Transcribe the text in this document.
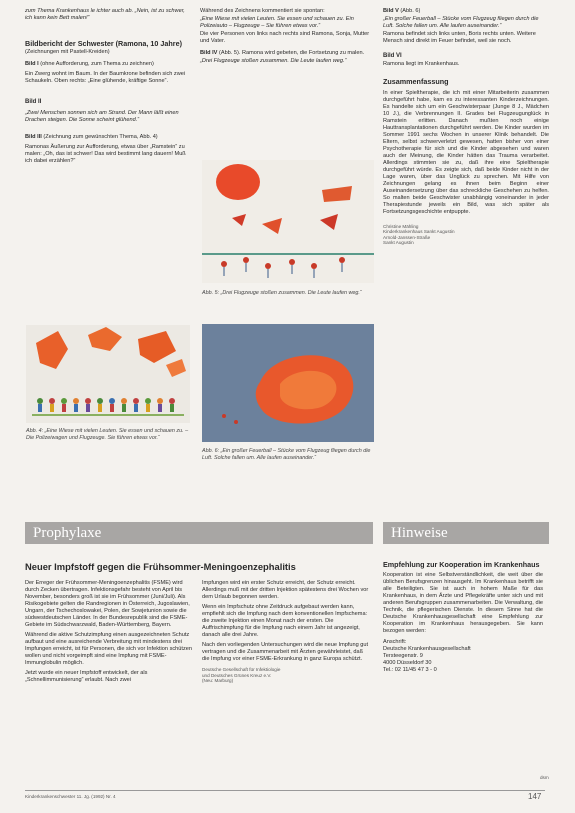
zum Thema Krankenhaus le ichter auch ab. „Nein, ist zu schwer, ich kann kein Bett malen!“

Bildbericht der Schwester (Ramona, 10 Jahre)

(Zeichnungen mit Pastell-Kreiden)

Bild I (ohne Aufforderung, zum Thema zu zeichnen)

Ein Zwerg wohnt im Baum. In der Baumkrone befinden sich zwei Schaukeln. Oben rechts: „Eine glühende, kräftige Sonne“.

Bild II

„Zwei Menschen sonnen sich am Strand. Der Mann läßt einen Drachen steigen. Die Sonne scheint glühend.“

Bild III (Zeichnung zum gewünschten Thema, Abb. 4)

Ramonas Äußerung zur Aufforderung, etwas über „Ramstein“ zu malen: „Oh, das ist schwer! Das wird bestimmt lang dauern! Muß ich dabei erzählen?“

Abb. 4: „Eine Wiese mit vielen Leuten. Sie essen und schauen zu. – Die Polizeiwagen und Flugzeuge. Sie führen etwas vor.“

Während des Zeichnens kommentiert sie spontan:

„Eine Wiese mit vielen Leuten. Sie essen und schauen zu. Ein Polizeiauto – Flugzeuge – Sie führen etwas vor.“

Die vier Personen von links nach rechts sind Ramona, Sonja, Mutter und Vater.

Bild IV (Abb. 5). Ramona wird gebeten, die Fortsetzung zu malen.

„Drei Flugzeuge stoßen zusammen. Die Leute laufen weg.“

Abb. 5: „Drei Flugzeuge stoßen zusammen. Die Leute laufen weg.“

Abb. 6: „Ein großer Feuerball – Stücke vom Flugzeug fliegen durch die Luft. Solche fallen um. Alle laufen auseinander.“

Bild V (Abb. 6)

„Ein großer Feuerball – Stücke vom Flugzeug fliegen durch die Luft. Solche fallen um. Alle laufen auseinander.“

Ramona befindet sich links unten, Boris rechts unten. Weitere Mensch sind direkt im Feuer befindet, weil sie noch.

Bild VI

Ramona liegt im Krankenhaus.

Zusammenfassung

In einer Spieltherapie, die ich mit einer Mitarbeiterin zusammen durchgeführt habe, kam es zu interessanten Kinderzeichnungen. Es handelte sich um ein Geschwisterpaar (Junge 8 J., Mädchen 10 J.), die Verbrennungen II. Grades bei Flugzeugunglück in Ramstein erlitten. Danach mußten noch einige Hauttransplantationen durchgeführt werden. Die Kinder wurden im Sommer 1991 sechs Wochen in unserer Klinik behandelt. Die Eltern, selbst schwerverletzt gewesen, hatten bisher von einer Psychotherapie für sich und die Kinder abgesehen und waren auch der Meinung, die Kinder hätten das Trauma verarbeitet. Allerdings stimmten sie zu, daß ihre eine Spieltherapie durchgeführt würde. Es zeigte sich, daß beide Kinder nicht in der Lage waren, über das Unglück zu sprechen. Mit Hilfe von Zeichnungen gelang es ihnen beim Beginn einer Auseinandersetzung über das schreckliche Geschehen zu helfen. So malten beide Geschwister unabhängig voneinander in jeder Therapiestunde jeweils ein Bild, was sich später als Fortsetzungsgeschichte entpuppte.

Christine Mähling
Kinderkrankenhaus Sankt Augustin
Arnold-Janssen-Straße
Sankt Augustin

Prophylaxe	Hinweise

Neuer Impfstoff gegen die Frühsommer-Meningoenzephalitis

Der Erreger der Frühsommer-Meningoenzephalitis (FSME) wird durch Zecken übertragen. Infektionsgefahr besteht von April bis November, besonders groß ist sie im Frühsommer (Juni/Juli). Als Risikogebiete gelten die Randregionen in Österreich, Jugoslawien, Ungarn, der Tschechoslowakei, Polen, der Sowjetunion sowie die südwestdeutschen Länder. In der Bundesrepublik sind die FSME-Gebiete im Südschwarzwald, Baden-Württemberg, Bayern.

Während die aktive Schutzimpfung einen ausgezeichneten Schutz aufbaut und eine ausreichende Verbreitung mit mindestens drei Impfungen erreicht, ist für Personen, die sich vor Infektion schützen wollen und nicht vorgeimpft sind eine Impfung mit FSME-Immunglobulin möglich.

Jetzt wurde ein neuer Impfstoff entwickelt, der als „Schnellimmunisierung“ erlaubt. Nach zwei

Impfungen wird ein erster Schutz erreicht, der Schutz erreicht. Allerdings muß mit der dritten Injektion spätestens drei Wochen vor dem Urlaub begonnen werden.

Wenn ein Impfschutz ohne Zeitdruck aufgebaut werden kann, empfiehlt sich die Impfung nach dem konventionellen Impfschema: die zweite Injektion einen Monat nach der ersten. Die Auffrischimpfung für die Impfung nach einem Jahr ist angezeigt, danach alle drei Jahre.

Nach den vorliegenden Untersuchungen wird die neue Impfung gut vertragen und die Zusammenarbeit mit Ärzten gewährleistet, daß die Impfung vor einer FSME-Erkrankung in ganz Europa schützt.

Deutsche Gesellschaft für Infektiologie
und Deutsches Grünes Kreuz e.V.
(Neu: Marburg)

Empfehlung zur Kooperation im Krankenhaus

Kooperation ist eine Selbstverständlichkeit, die weit über die üblichen Berufsgrenzen hinausgeht. Im Krankenhaus betrifft sie alle Beteiligten. Sie ist auch in hohem Maße für das Krankenhaus, in dem Ärzte und Pflegekräfte unter sich und mit anderen Berufsgruppen zusammenarbeiten. Die Verwaltung, die Technik, die pflegerischen Dienste. In diesem Sinne hat die Deutsche Krankenhausgesellschaft eine Empfehlung zur Kooperation im Krankenhaus herausgegeben. Sie kann bezogen werden:

Anschrift:
Deutsche Krankenhausgesellschaft
Tersteegenstr. 9
4000 Düsseldorf 30
Tel.: 02 11/45 47 3 - 0

dsm

Kinderkrankenschwester 11. Jg. (1992) Nr. 4	147
